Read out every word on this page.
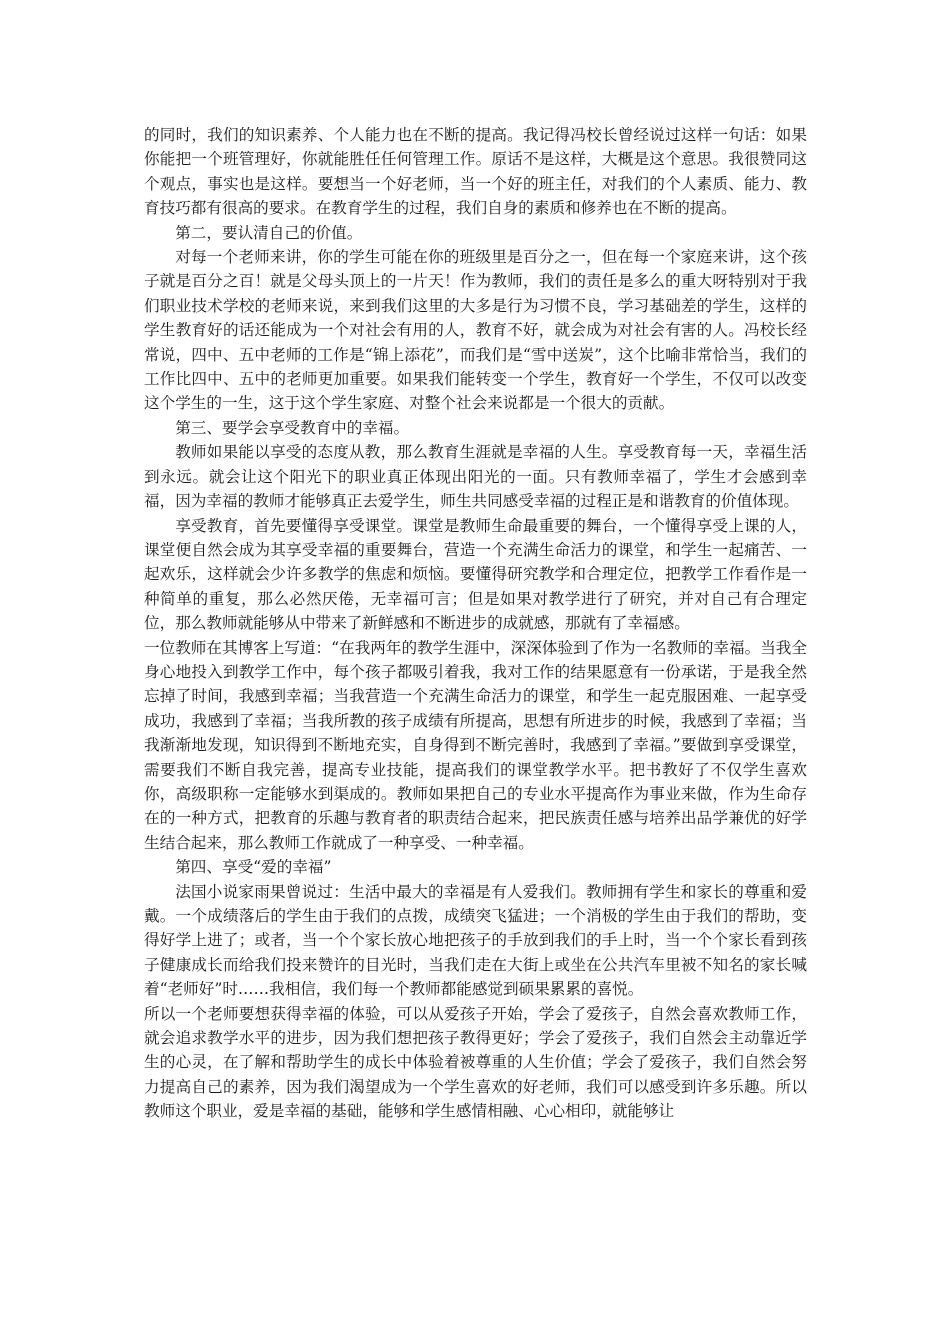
的同时，我们的知识素养、个人能力也在不断的提高。我记得冯校长曾经说过这样一句话：如果你能把一个班管理好，你就能胜任任何管理工作。原话不是这样，大概是这个意思。我很赞同这个观点，事实也是这样。要想当一个好老师，当一个好的班主任，对我们的个人素质、能力、教育技巧都有很高的要求。在教育学生的过程，我们自身的素质和修养也在不断的提高。

第二，要认清自己的价值。

对每一个老师来讲，你的学生可能在你的班级里是百分之一，但在每一个家庭来讲，这个孩子就是百分之百！就是父母头顶上的一片天！作为教师，我们的责任是多么的重大呀特别对于我们职业技术学校的老师来说，来到我们这里的大多是行为习惯不良，学习基础差的学生，这样的学生教育好的话还能成为一个对社会有用的人，教育不好，就会成为对社会有害的人。冯校长经常说，四中、五中老师的工作是“锦上添花”，而我们是“雪中送炭”，这个比喻非常恰当，我们的工作比四中、五中的老师更加重要。如果我们能转变一个学生，教育好一个学生，不仅可以改变这个学生的一生，这于这个学生家庭、对整个社会来说都是一个很大的贡献。

第三、要学会享受教育中的幸福。

教师如果能以享受的态度从教，那么教育生涯就是幸福的人生。享受教育每一天，幸福生活到永远。就会让这个阳光下的职业真正体现出阳光的一面。只有教师幸福了，学生才会感到幸福，因为幸福的教师才能够真正去爱学生，师生共同感受幸福的过程正是和谐教育的价值体现。

享受教育，首先要懂得享受课堂。课堂是教师生命最重要的舞台，一个懂得享受上课的人，课堂便自然会成为其享受幸福的重要舞台，营造一个充满生命活力的课堂，和学生一起痛苦、一起欢乐，这样就会少许多教学的焦虑和烦恼。要懂得研究教学和合理定位，把教学工作看作是一种简单的重复，那么必然厌倦，无幸福可言；但是如果对教学进行了研究，并对自己有合理定位，那么教师就能够从中带来了新鲜感和不断进步的成就感，那就有了幸福感。

一位教师在其博客上写道：“在我两年的教学生涯中，深深体验到了作为一名教师的幸福。当我全身心地投入到教学工作中，每个孩子都吸引着我，我对工作的结果愿意有一份承诺，于是我全然忘掉了时间，我感到幸福；当我营造一个充满生命活力的课堂，和学生一起克服困难、一起享受成功，我感到了幸福；当我所教的孩子成绩有所提高，思想有所进步的时候，我感到了幸福；当我渐渐地发现，知识得到不断地充实，自身得到不断完善时，我感到了幸福。”要做到享受课堂，需要我们不断自我完善，提高专业技能，提高我们的课堂教学水平。把书教好了不仅学生喜欢你，高级职称一定能够水到渠成的。教师如果把自己的专业水平提高作为事业来做，作为生命存在的一种方式，把教育的乐趣与教育者的职责结合起来，把民族责任感与培养出品学兼优的好学生结合起来，那么教师工作就成了一种享受、一种幸福。

第四、享受“爱的幸福”

法国小说家雨果曾说过：生活中最大的幸福是有人爱我们。教师拥有学生和家长的尊重和爱戴。一个成绩落后的学生由于我们的点拨，成绩突飞猛进；一个消极的学生由于我们的帮助，变得好学上进了；或者，当一个个家长放心地把孩子的手放到我们的手上时，当一个个家长看到孩子健康成长而给我们投来赞许的目光时，当我们走在大街上或坐在公共汽车里被不知名的家长喊着“老师好”时……我相信，我们每一个教师都能感觉到硕果累累的喜悦。

所以一个老师要想获得幸福的体验，可以从爱孩子开始，学会了爱孩子，自然会喜欢教师工作，就会追求教学水平的进步，因为我们想把孩子教得更好；学会了爱孩子，我们自然会主动靠近学生的心灵，在了解和帮助学生的成长中体验着被尊重的人生价值；学会了爱孩子，我们自然会努力提高自己的素养，因为我们渴望成为一个学生喜欢的好老师，我们可以感受到许多乐趣。所以教师这个职业，爱是幸福的基础，能够和学生感情相融、心心相印，就能够让
